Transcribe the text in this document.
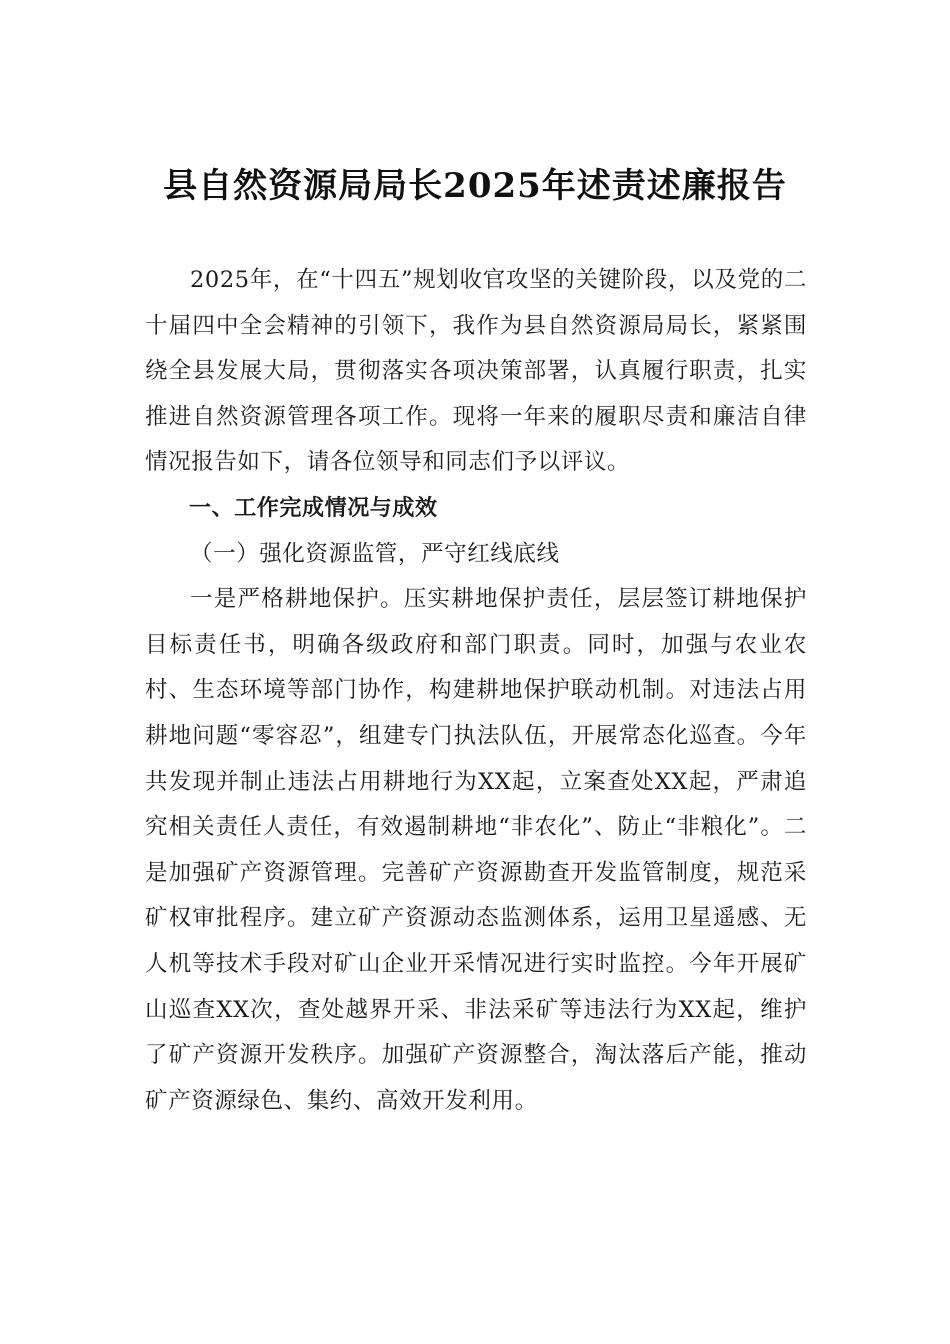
县自然资源局局长2025年述责述廉报告

2025年，在“十四五”规划收官攻坚的关键阶段，以及党的二十届四中全会精神的引领下，我作为县自然资源局局长，紧紧围绕全县发展大局，贯彻落实各项决策部署，认真履行职责，扎实推进自然资源管理各项工作。现将一年来的履职尽责和廉洁自律情况报告如下，请各位领导和同志们予以评议。

一、工作完成情况与成效

（一）强化资源监管，严守红线底线

一是严格耕地保护。压实耕地保护责任，层层签订耕地保护目标责任书，明确各级政府和部门职责。同时，加强与农业农村、生态环境等部门协作，构建耕地保护联动机制。对违法占用耕地问题“零容忍”，组建专门执法队伍，开展常态化巡查。今年共发现并制止违法占用耕地行为XX起，立案查处XX起，严肃追究相关责任人责任，有效遏制耕地“非农化”、防止“非粮化”。二是加强矿产资源管理。完善矿产资源勘查开发监管制度，规范采矿权审批程序。建立矿产资源动态监测体系，运用卫星遥感、无人机等技术手段对矿山企业开采情况进行实时监控。今年开展矿山巡查XX次，查处越界开采、非法采矿等违法行为XX起，维护了矿产资源开发秩序。加强矿产资源整合，淘汰落后产能，推动矿产资源绿色、集约、高效开发利用。
